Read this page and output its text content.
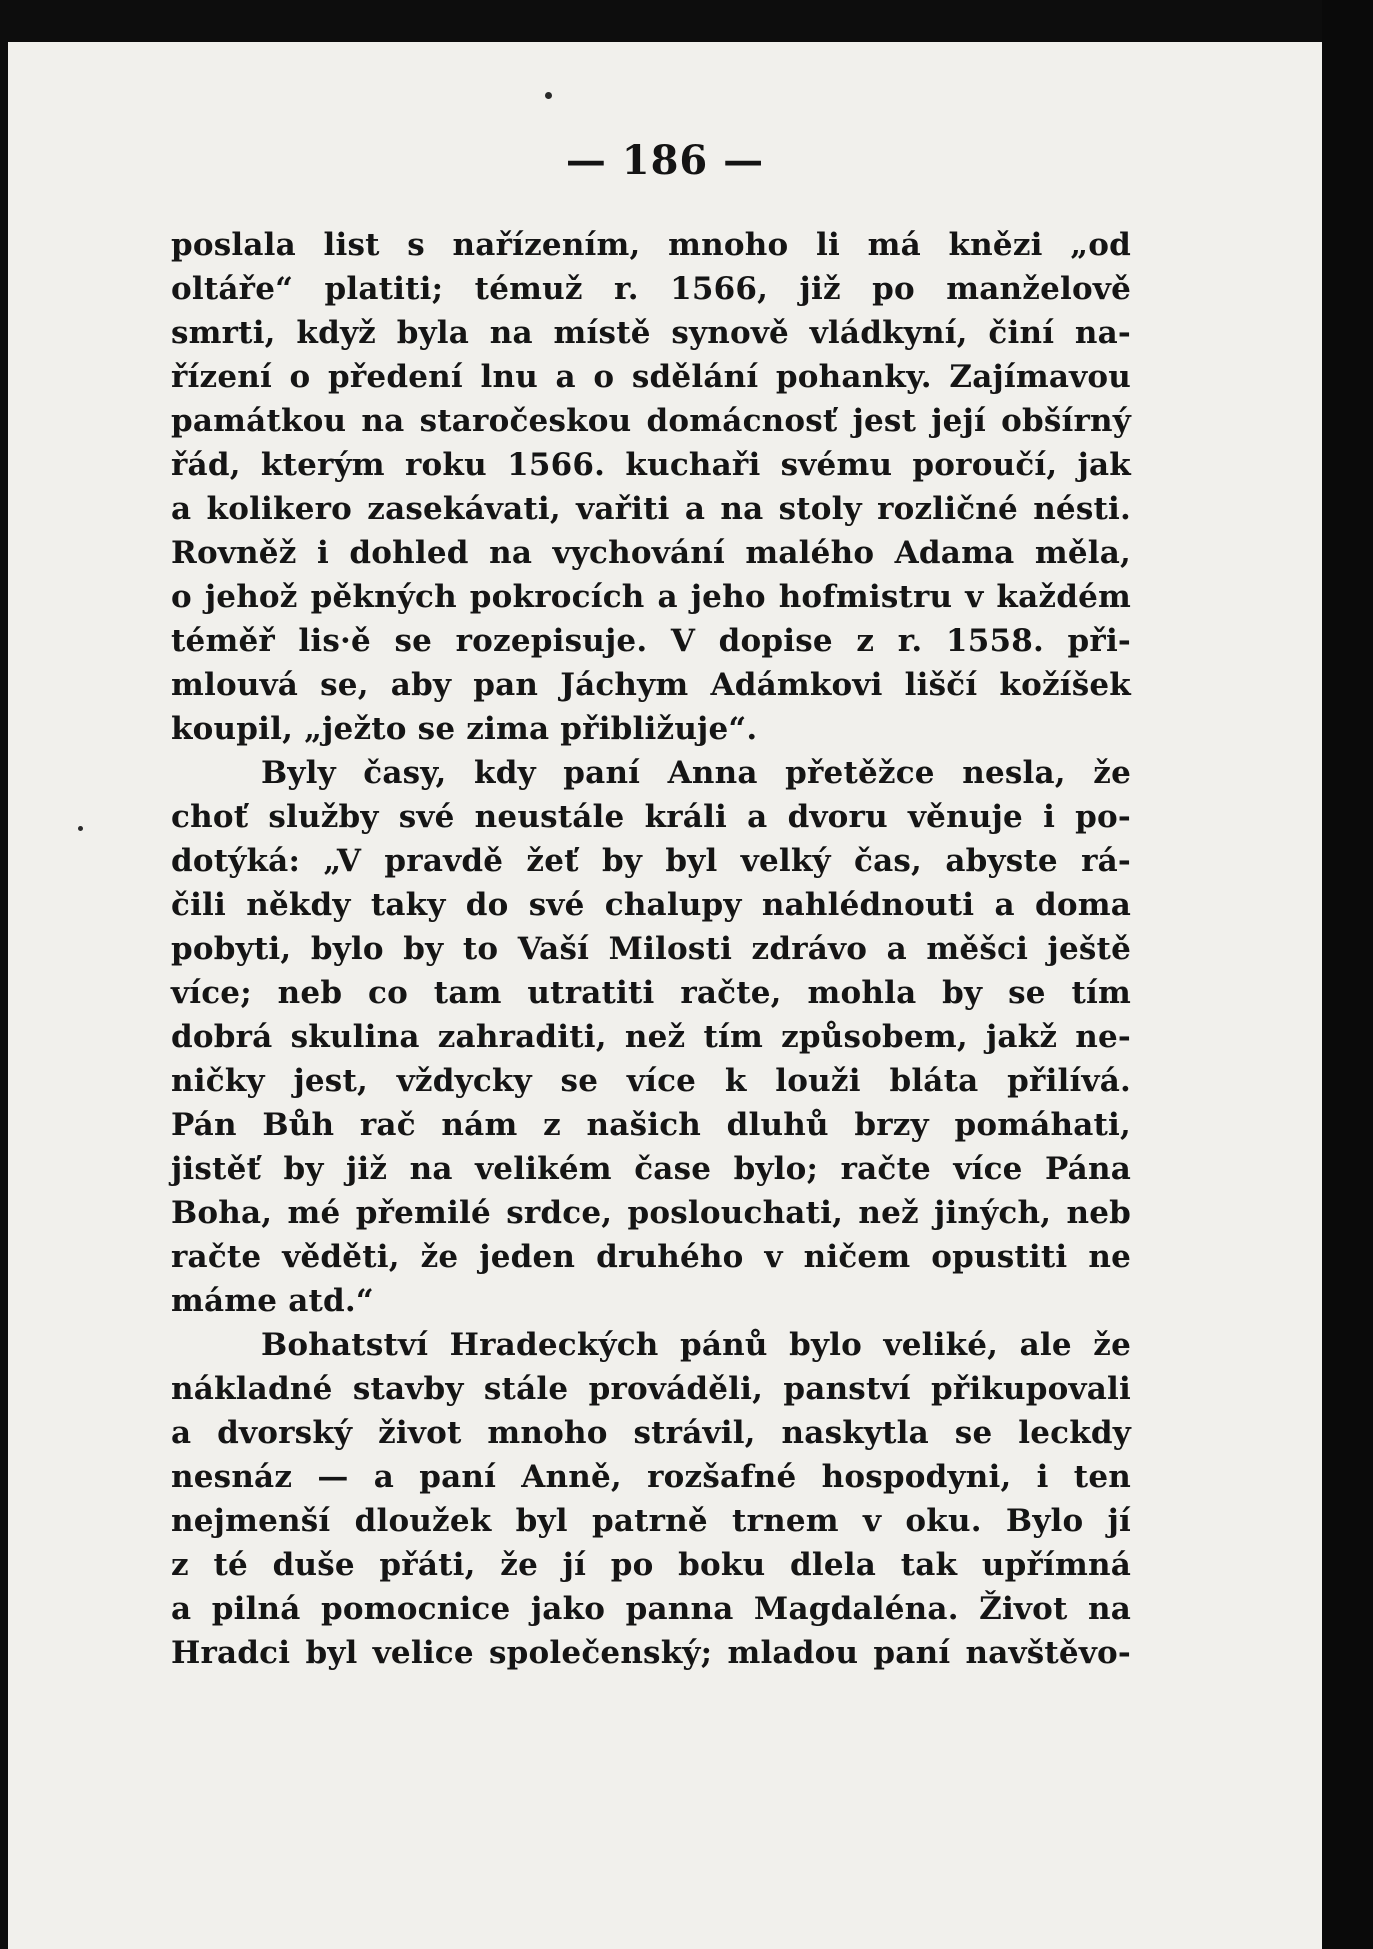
— 186 —
poslala list s nařízením, mnoho li má knězi „od
oltáře“ platiti; témuž r. 1566, již po manželově
smrti, když byla na místě synově vládkyní, činí na-
řízení o předení lnu a o sdělání pohanky. Zajímavou
památkou na staročeskou domácnosť jest její obšírný
řád, kterým roku 1566. kuchaři svému poroučí, jak
a kolikero zasekávati, vařiti a na stoly rozličné nésti.
Rovněž i dohled na vychování malého Adama měla,
o jehož pěkných pokrocích a jeho hofmistru v každém
téměř lis·ě se rozepisuje. V dopise z r. 1558. při-
mlouvá se, aby pan Jáchym Adámkovi liščí kožíšek
koupil, „ježto se zima přibližuje“.
Byly časy, kdy paní Anna přetěžce nesla, že
choť služby své neustále králi a dvoru věnuje i po-
dotýká: „V pravdě žeť by byl velký čas, abyste rá-
čili někdy taky do své chalupy nahlédnouti a doma
pobyti, bylo by to Vaší Milosti zdrávo a měšci ještě
více; neb co tam utratiti račte, mohla by se tím
dobrá skulina zahraditi, než tím způsobem, jakž ne-
ničky jest, vždycky se více k louži bláta přilívá.
Pán Bůh rač nám z našich dluhů brzy pomáhati,
jistěť by již na velikém čase bylo; račte více Pána
Boha, mé přemilé srdce, poslouchati, než jiných, neb
račte věděti, že jeden druhého v ničem opustiti ne
máme atd.“
Bohatství Hradeckých pánů bylo veliké, ale že
nákladné stavby stále prováděli, panství přikupovali
a dvorský život mnoho strávil, naskytla se leckdy
nesnáz — a paní Anně, rozšafné hospodyni, i ten
nejmenší dloužek byl patrně trnem v oku. Bylo jí
z té duše přáti, že jí po boku dlela tak upřímná
a pilná pomocnice jako panna Magdaléna. Život na
Hradci byl velice společenský; mladou paní navštěvo-
